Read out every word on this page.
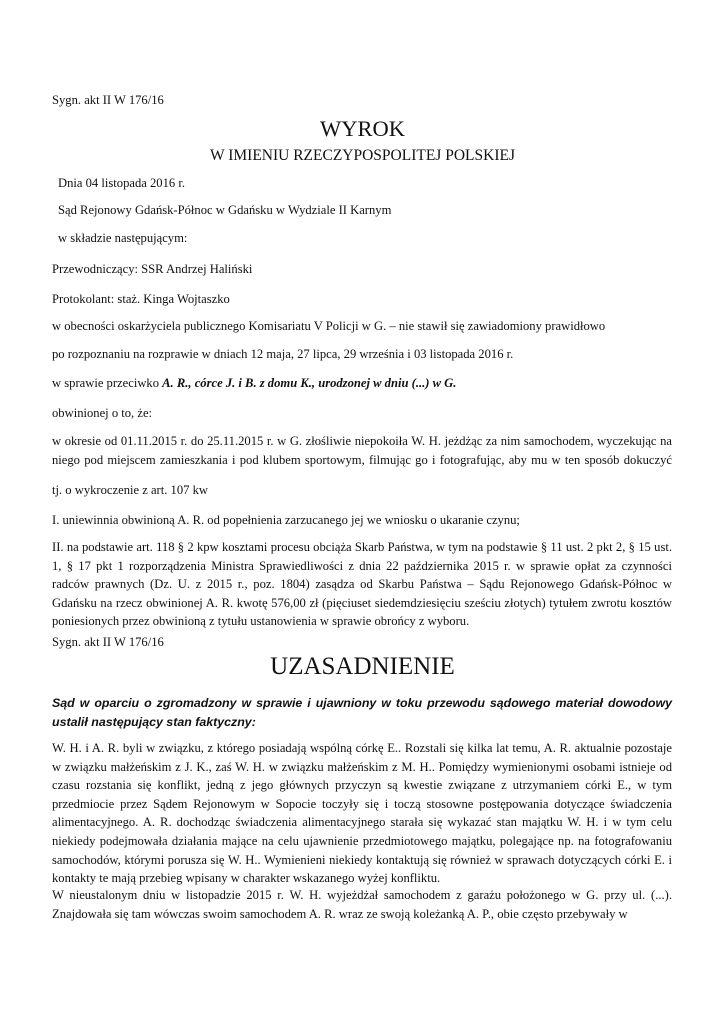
Sygn. akt II W 176/16
WYROK
W IMIENIU RZECZYPOSPOLITEJ POLSKIEJ
Dnia 04 listopada 2016 r.
Sąd Rejonowy Gdańsk-Północ w Gdańsku w Wydziale II Karnym
w składzie następującym:
Przewodniczący: SSR Andrzej Haliński
Protokolant: staż. Kinga Wojtaszko
w obecności oskarżyciela publicznego Komisariatu V Policji w G. – nie stawił się zawiadomiony prawidłowo
po rozpoznaniu na rozprawie w dniach 12 maja, 27 lipca, 29 września i 03 listopada 2016 r.
w sprawie przeciwko A. R., córce J. i B. z domu K., urodzonej w dniu (...) w G.
obwinionej o to, że:
w okresie od 01.11.2015 r. do 25.11.2015 r. w G. złośliwie niepokoiła W. H. jeżdżąc za nim samochodem, wyczekując na
niego pod miejscem zamieszkania i pod klubem sportowym, filmując go i fotografując, aby mu w ten sposób dokuczyć
tj. o wykroczenie z art. 107 kw
I. uniewinnia obwinioną A. R. od popełnienia zarzucanego jej we wniosku o ukaranie czynu;
II. na podstawie art. 118 § 2 kpw kosztami procesu obciąża Skarb Państwa, w tym na podstawie § 11 ust. 2 pkt 2, § 15 ust. 1, § 17 pkt 1 rozporządzenia Ministra Sprawiedliwości z dnia 22 października 2015 r. w sprawie opłat za czynności radców prawnych (Dz. U. z 2015 r., poz. 1804) zasądza od Skarbu Państwa – Sądu Rejonowego Gdańsk-Północ w Gdańsku na rzecz obwinionej A. R. kwotę 576,00 zł (pięciuset siedemdziesięciu sześciu złotych) tytułem zwrotu kosztów poniesionych przez obwinioną z tytułu ustanowienia w sprawie obrońcy z wyboru.
Sygn. akt II W 176/16
UZASADNIENIE
Sąd w oparciu o zgromadzony w sprawie i ujawniony w toku przewodu sądowego materiał dowodowy ustalił następujący stan faktyczny:
W. H. i A. R. byli w związku, z którego posiadają wspólną córkę E.. Rozstali się kilka lat temu, A. R. aktualnie pozostaje w związku małżeńskim z J. K., zaś W. H. w związku małżeńskim z M. H.. Pomiędzy wymienionymi osobami istnieje od czasu rozstania się konflikt, jedną z jego głównych przyczyn są kwestie związane z utrzymaniem córki E., w tym przedmiocie przez Sądem Rejonowym w Sopocie toczyły się i toczą stosowne postępowania dotyczące świadczenia alimentacyjnego. A. R. dochodząc świadczenia alimentacyjnego starała się wykazać stan majątku W. H. i w tym celu niekiedy podejmowała działania mające na celu ujawnienie przedmiotowego majątku, polegające np. na fotografowaniu samochodów, którymi porusza się W. H.. Wymienieni niekiedy kontaktują się również w sprawach dotyczących córki E. i kontakty te mają przebieg wpisany w charakter wskazanego wyżej konfliktu.
W nieustalonym dniu w listopadzie 2015 r. W. H. wyjeżdżał samochodem z garażu położonego w G. przy ul. (...). Znajdowała się tam wówczas swoim samochodem A. R. wraz ze swoją koleżanką A. P., obie często przebywały w
